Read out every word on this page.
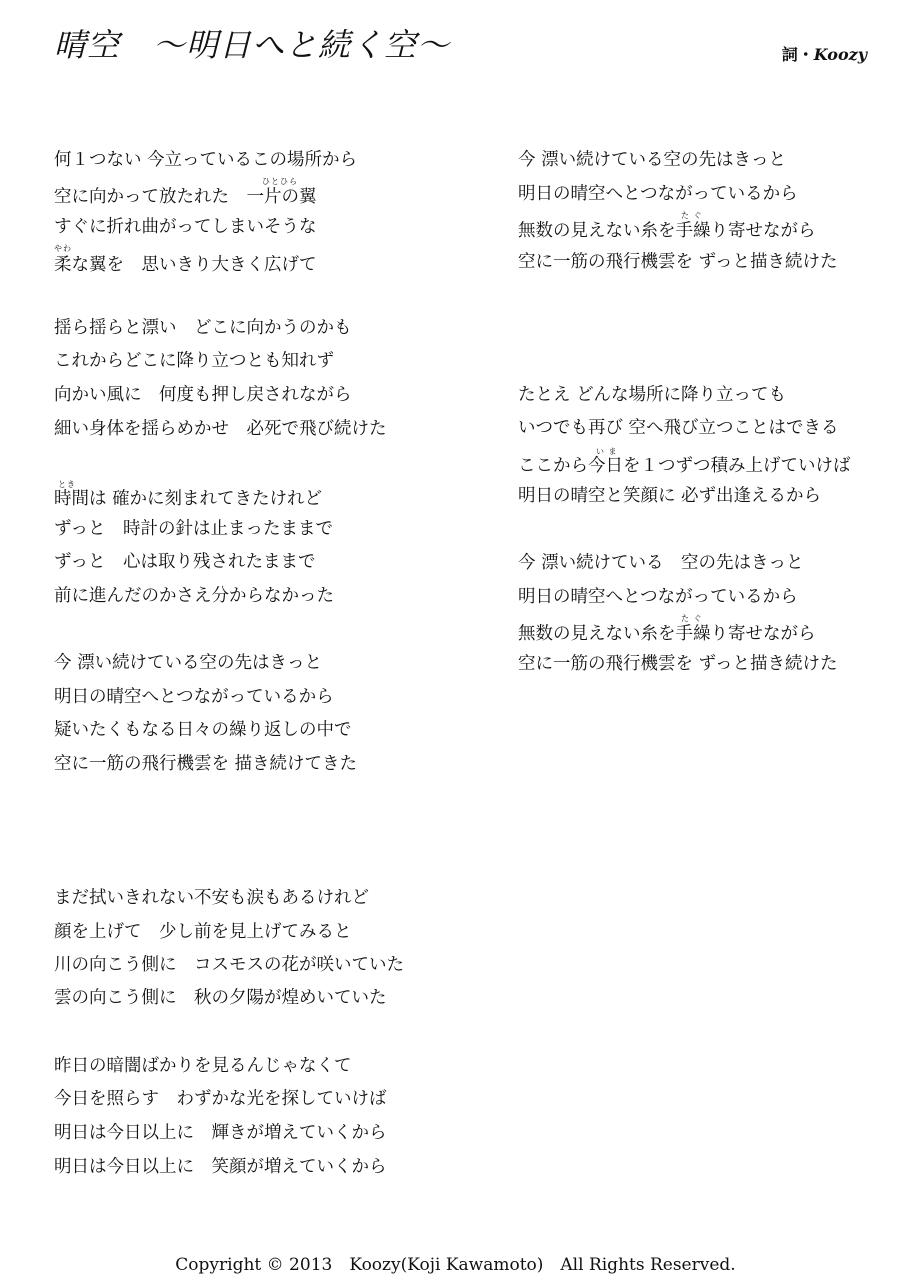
晴空　〜明日へと続く空〜	詞・Koozy
何１つない 今立っているこの場所から
ひとひら
空に向かって放たれた　一片の翼
すぐに折れ曲がってしまいそうな
やわ
柔な翼を　思いきり大きく広げて
揺ら揺らと漂い　どこに向かうのかも
これからどこに降り立つとも知れず
向かい風に　何度も押し戻されながら
細い身体を揺らめかせ　必死で飛び続けた
とき
時間は 確かに刻まれてきたけれど
ずっと　時計の針は止まったままで
ずっと　心は取り残されたままで
前に進んだのかさえ分からなかった
今 漂い続けている空の先はきっと
明日の晴空へとつながっているから
疑いたくもなる日々の繰り返しの中で
空に一筋の飛行機雲を 描き続けてきた
まだ拭いきれない不安も涙もあるけれど
顔を上げて　少し前を見上げてみると
川の向こう側に　コスモスの花が咲いていた
雲の向こう側に　秋の夕陽が煌めいていた
昨日の暗闇ばかりを見るんじゃなくて
今日を照らす　わずかな光を探していけば
明日は今日以上に　輝きが増えていくから
明日は今日以上に　笑顔が増えていくから
今 漂い続けている空の先はきっと
明日の晴空へとつながっているから
た ぐ
無数の見えない糸を手繰り寄せながら
空に一筋の飛行機雲を ずっと描き続けた
たとえ どんな場所に降り立っても
いつでも再び 空へ飛び立つことはできる
い ま
ここから今日を１つずつ積み上げていけば
明日の晴空と笑顔に 必ず出逢えるから
今 漂い続けている　空の先はきっと
明日の晴空へとつながっているから
た ぐ
無数の見えない糸を手繰り寄せながら
空に一筋の飛行機雲を ずっと描き続けた
Copyright © 2013　Koozy(Koji Kawamoto)　All Rights Reserved.
